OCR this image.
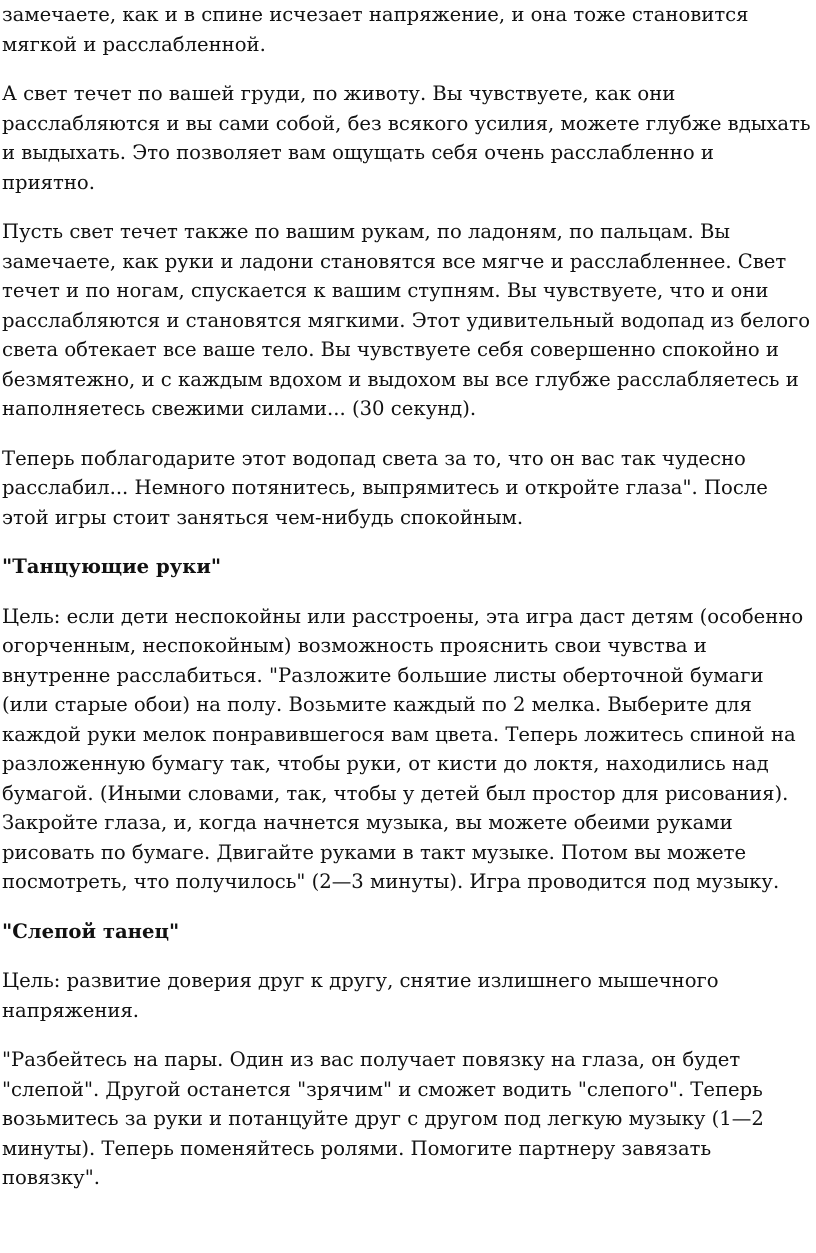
замечаете, как и в спине исчезает напряжение, и она тоже становится мягкой и расслабленной.

А свет течет по вашей груди, по животу. Вы чувствуете, как они расслабляются и вы сами собой, без всякого усилия, можете глубже вдыхать и выдыхать. Это позволяет вам ощущать себя очень расслабленно и приятно.

Пусть свет течет также по вашим рукам, по ладоням, по пальцам. Вы замечаете, как руки и ладони становятся все мягче и расслабленнее. Свет течет и по ногам, спускается к вашим ступням. Вы чувствуете, что и они расслабляются и становятся мягкими. Этот удивительный водопад из белого света обтекает все ваше тело. Вы чувствуете себя совершенно спокойно и безмятежно, и с каждым вдохом и выдохом вы все глубже расслабляетесь и наполняетесь свежими силами... (30 секунд).

Теперь поблагодарите этот водопад света за то, что он вас так чудесно расслабил... Немного потянитесь, выпрямитесь и откройте глаза". После этой игры стоит заняться чем-нибудь спокойным.

"Танцующие руки"

Цель: если дети неспокойны или расстроены, эта игра даст детям (особенно огорченным, неспокойным) возможность прояснить свои чувства и внутренне расслабиться. "Разложите большие листы оберточной бумаги (или старые обои) на полу. Возьмите каждый по 2 мелка. Выберите для каждой руки мелок понравившегося вам цвета. Теперь ложитесь спиной на разложенную бумагу так, чтобы руки, от кисти до локтя, находились над бумагой. (Иными словами, так, чтобы у детей был простор для рисования). Закройте глаза, и, когда начнется музыка, вы можете обеими руками рисовать по бумаге. Двигайте руками в такт музыке. Потом вы можете посмотреть, что получилось" (2—3 минуты). Игра проводится под музыку.

"Слепой танец"

Цель: развитие доверия друг к другу, снятие излишнего мышечного напряжения.

"Разбейтесь на пары. Один из вас получает повязку на глаза, он будет "слепой". Другой останется "зрячим" и сможет водить "слепого". Теперь возьмитесь за руки и потанцуйте друг с другом под легкую музыку (1—2 минуты). Теперь поменяйтесь ролями. Помогите партнеру завязать повязку".
